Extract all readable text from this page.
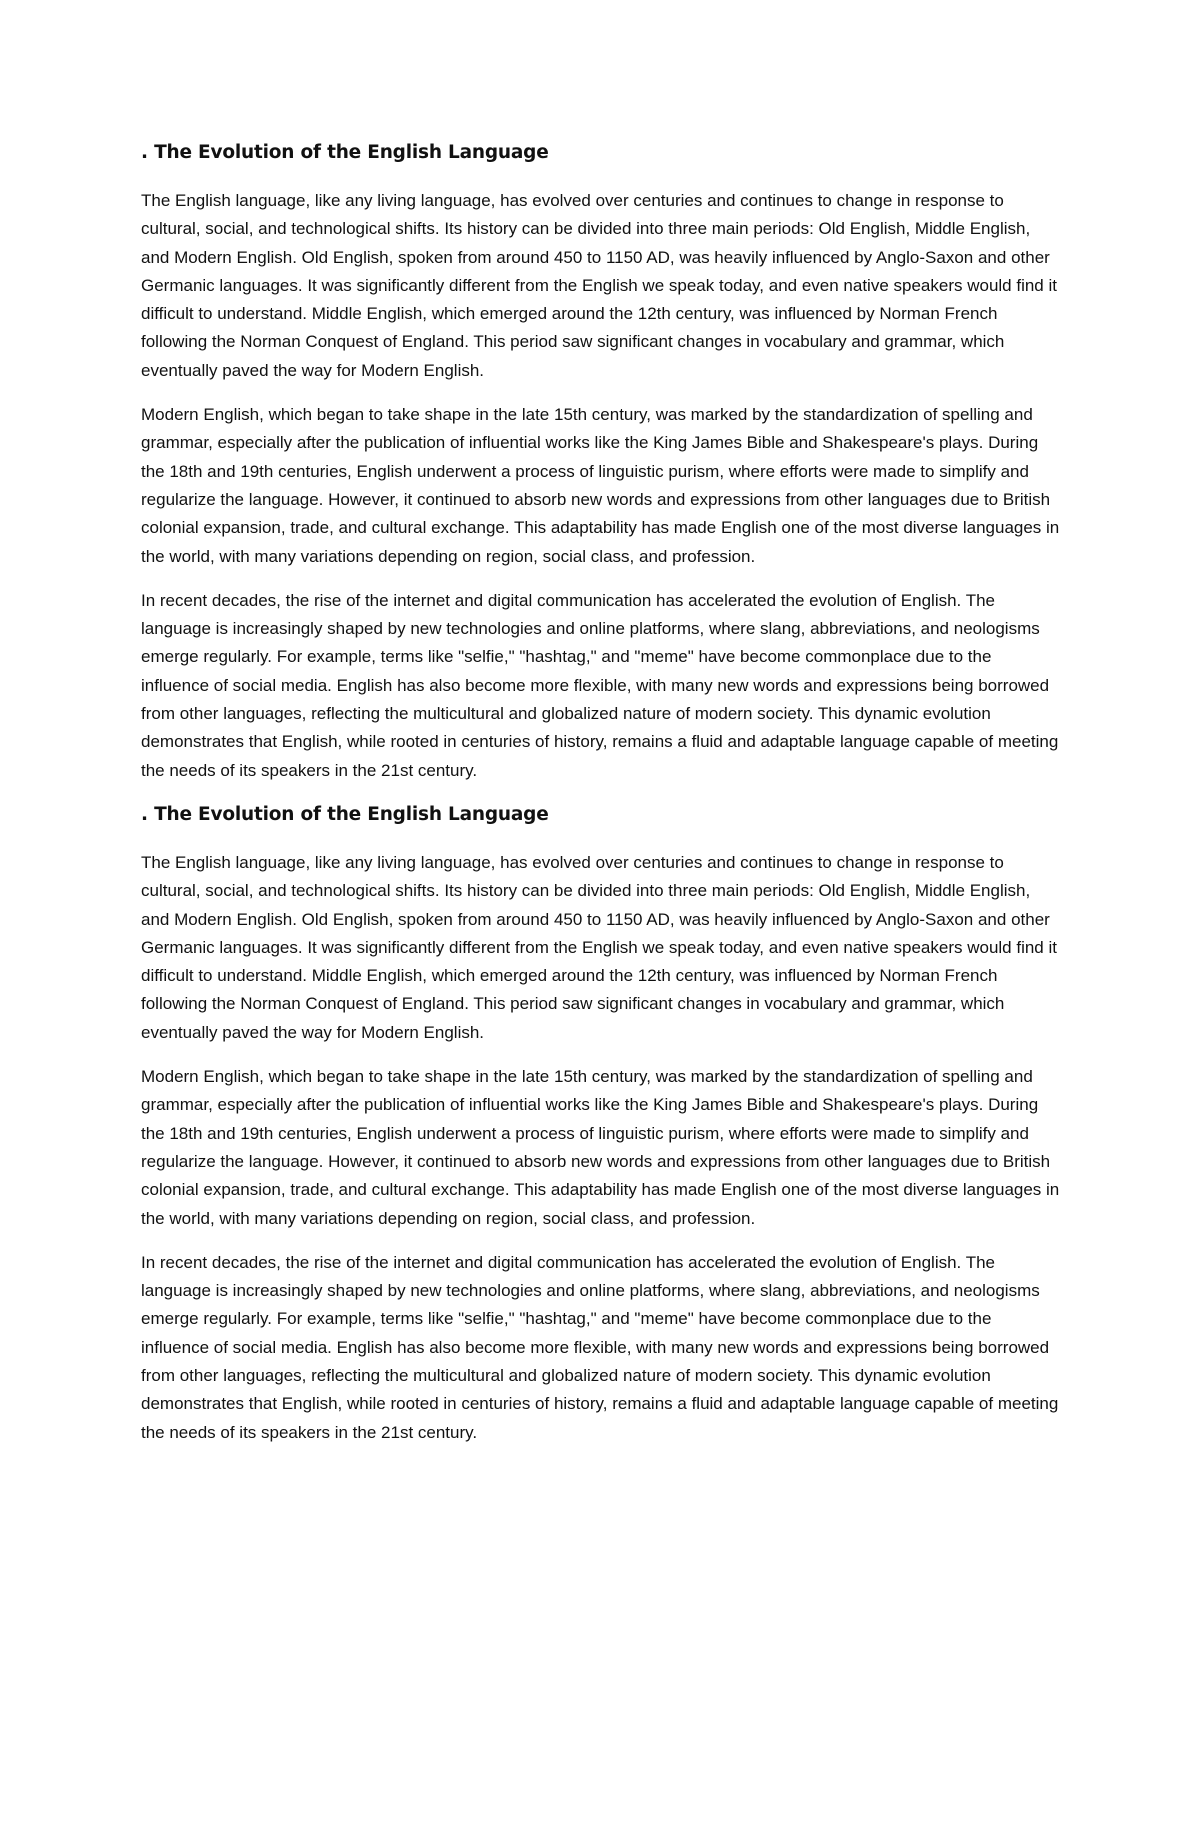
. The Evolution of the English Language

The English language, like any living language, has evolved over centuries and continues to change in response to cultural, social, and technological shifts. Its history can be divided into three main periods: Old English, Middle English, and Modern English. Old English, spoken from around 450 to 1150 AD, was heavily influenced by Anglo-Saxon and other Germanic languages. It was significantly different from the English we speak today, and even native speakers would find it difficult to understand. Middle English, which emerged around the 12th century, was influenced by Norman French following the Norman Conquest of England. This period saw significant changes in vocabulary and grammar, which eventually paved the way for Modern English.

Modern English, which began to take shape in the late 15th century, was marked by the standardization of spelling and grammar, especially after the publication of influential works like the King James Bible and Shakespeare's plays. During the 18th and 19th centuries, English underwent a process of linguistic purism, where efforts were made to simplify and regularize the language. However, it continued to absorb new words and expressions from other languages due to British colonial expansion, trade, and cultural exchange. This adaptability has made English one of the most diverse languages in the world, with many variations depending on region, social class, and profession.

In recent decades, the rise of the internet and digital communication has accelerated the evolution of English. The language is increasingly shaped by new technologies and online platforms, where slang, abbreviations, and neologisms emerge regularly. For example, terms like "selfie," "hashtag," and "meme" have become commonplace due to the influence of social media. English has also become more flexible, with many new words and expressions being borrowed from other languages, reflecting the multicultural and globalized nature of modern society. This dynamic evolution demonstrates that English, while rooted in centuries of history, remains a fluid and adaptable language capable of meeting the needs of its speakers in the 21st century.

. The Evolution of the English Language

The English language, like any living language, has evolved over centuries and continues to change in response to cultural, social, and technological shifts. Its history can be divided into three main periods: Old English, Middle English, and Modern English. Old English, spoken from around 450 to 1150 AD, was heavily influenced by Anglo-Saxon and other Germanic languages. It was significantly different from the English we speak today, and even native speakers would find it difficult to understand. Middle English, which emerged around the 12th century, was influenced by Norman French following the Norman Conquest of England. This period saw significant changes in vocabulary and grammar, which eventually paved the way for Modern English.

Modern English, which began to take shape in the late 15th century, was marked by the standardization of spelling and grammar, especially after the publication of influential works like the King James Bible and Shakespeare's plays. During the 18th and 19th centuries, English underwent a process of linguistic purism, where efforts were made to simplify and regularize the language. However, it continued to absorb new words and expressions from other languages due to British colonial expansion, trade, and cultural exchange. This adaptability has made English one of the most diverse languages in the world, with many variations depending on region, social class, and profession.

In recent decades, the rise of the internet and digital communication has accelerated the evolution of English. The language is increasingly shaped by new technologies and online platforms, where slang, abbreviations, and neologisms emerge regularly. For example, terms like "selfie," "hashtag," and "meme" have become commonplace due to the influence of social media. English has also become more flexible, with many new words and expressions being borrowed from other languages, reflecting the multicultural and globalized nature of modern society. This dynamic evolution demonstrates that English, while rooted in centuries of history, remains a fluid and adaptable language capable of meeting the needs of its speakers in the 21st century.
